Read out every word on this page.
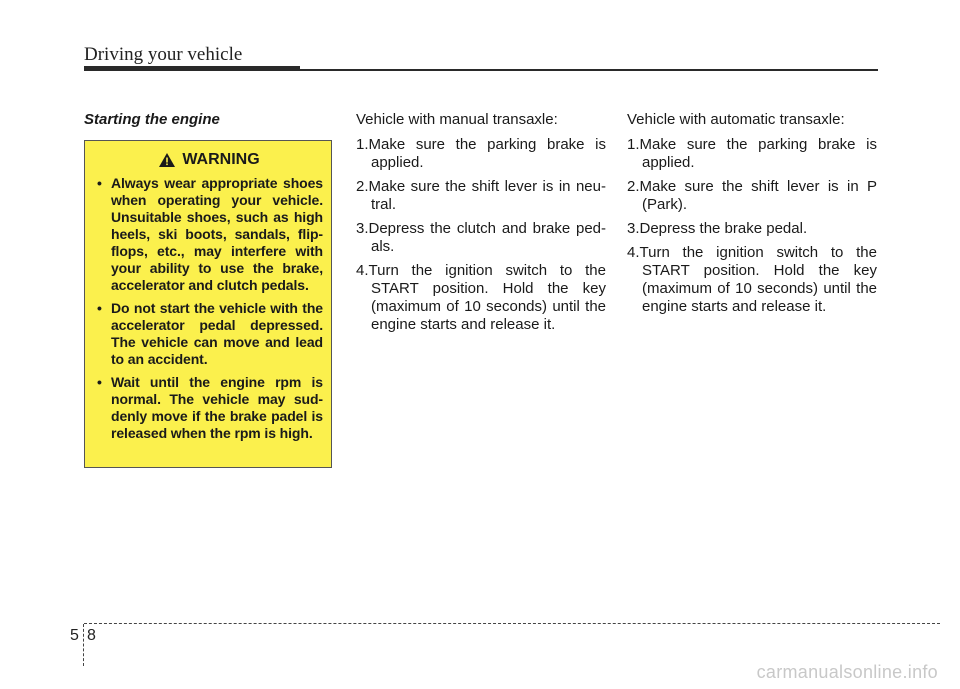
Driving your vehicle
Starting the engine
WARNING
• Always wear appropriate shoes when operating your vehicle. Unsuitable shoes, such as high heels, ski boots, sandals, flip-flops, etc., may interfere with your ability to use the brake, accelerator and clutch pedals.
• Do not start the vehicle with the accelerator pedal depressed. The vehicle can move and lead to an accident.
• Wait until the engine rpm is normal. The vehicle may sud- denly move if the brake padel is released when the rpm is high.
Vehicle with manual transaxle:
1.Make sure the parking brake is applied.
2.Make sure the shift lever is in neu- tral.
3.Depress the clutch and brake ped- als.
4.Turn the ignition switch to the START position. Hold the key (maximum of 10 seconds) until the engine starts and release it.
Vehicle with automatic transaxle:
1.Make sure the parking brake is applied.
2.Make sure the shift lever is in P (Park).
3.Depress the brake pedal.
4.Turn the ignition switch to the START position. Hold the key (maximum of 10 seconds) until the engine starts and release it.
5 8
carmanualsonline.info
